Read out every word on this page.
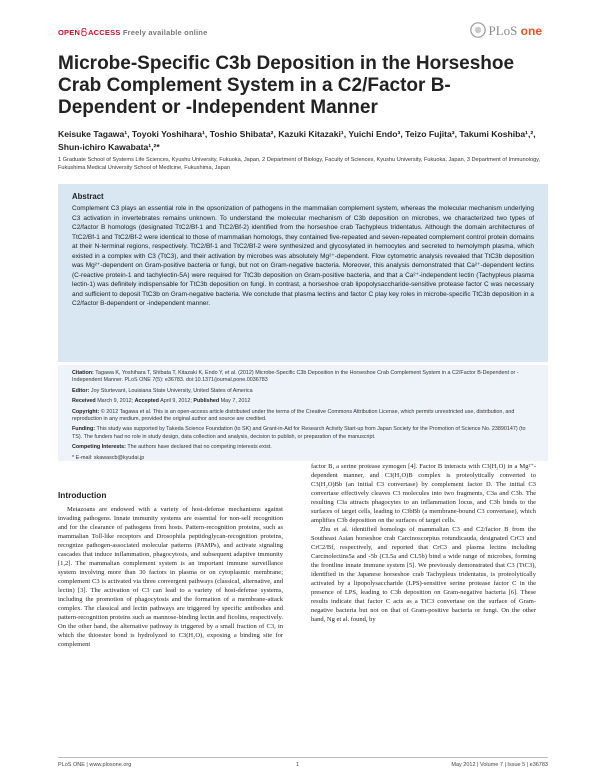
OPEN ACCESS Freely available online	PLoS one
Microbe-Specific C3b Deposition in the Horseshoe Crab Complement System in a C2/Factor B-Dependent or -Independent Manner
Keisuke Tagawa¹, Toyoki Yoshihara¹, Toshio Shibata², Kazuki Kitazaki¹, Yuichi Endo³, Teizo Fujita³, Takumi Koshiba¹,², Shun-ichiro Kawabata¹,²*
1 Graduate School of Systems Life Sciences, Kyushu University, Fukuoka, Japan, 2 Department of Biology, Faculty of Sciences, Kyushu University, Fukuoka, Japan, 3 Department of Immunology, Fukushima Medical University School of Medicine, Fukushima, Japan
Abstract
Complement C3 plays an essential role in the opsonization of pathogens in the mammalian complement system, whereas the molecular mechanism underlying C3 activation in invertebrates remains unknown. To understand the molecular mechanism of C3b deposition on microbes, we characterized two types of C2/factor B homologs (designated TtC2/Bf-1 and TtC2/Bf-2) identified from the horseshoe crab Tachypleus tridentatus. Although the domain architectures of TtC2/Bf-1 and TtC2/Bf-2 were identical to those of mammalian homologs, they contained five-repeated and seven-repeated complement control protein domains at their N-terminal regions, respectively. TtC2/Bf-1 and TtC2/Bf-2 were synthesized and glycosylated in hemocytes and secreted to hemolymph plasma, which existed in a complex with C3 (TtC3), and their activation by microbes was absolutely Mg²⁺-dependent. Flow cytometric analysis revealed that TtC3b deposition was Mg²⁺-dependent on Gram-positive bacteria or fungi, but not on Gram-negative bacteria. Moreover, this analysis demonstrated that Ca²⁺-dependent lectins (C-reactive protein-1 and tachylectin-5A) were required for TtC3b deposition on Gram-positive bacteria, and that a Ca²⁺-independent lectin (Tachypleus plasma lectin-1) was definitely indispensable for TtC3b deposition on fungi. In contrast, a horseshoe crab lipopolysaccharide-sensitive protease factor C was necessary and sufficient to deposit TtC3b on Gram-negative bacteria. We conclude that plasma lectins and factor C play key roles in microbe-specific TtC3b deposition in a C2/factor B-dependent or -independent manner.

Citation: Tagawa K, Yoshihara T, Shibata T, Kitazaki K, Endo Y, et al. (2012) Microbe-Specific C3b Deposition in the Horseshoe Crab Complement System in a C2/Factor B-Dependent or -Independent Manner. PLoS ONE 7(5): e36783. doi:10.1371/journal.pone.0036783

Editor: Joy Sturtevant, Louisiana State University, United States of America

Received March 9, 2012; Accepted April 9, 2012; Published May 7, 2012

Copyright: © 2012 Tagawa et al. This is an open-access article distributed under the terms of the Creative Commons Attribution License, which permits unrestricted use, distribution, and reproduction in any medium, provided the original author and source are credited.

Funding: This study was supported by Takeda Science Foundation (to SK) and Grant-in-Aid for Research Activity Start-up from Japan Society for the Promotion of Science No. 23890147) (to TS). The funders had no role in study design, data collection and analysis, decision to publish, or preparation of the manuscript.

Competing Interests: The authors have declared that no competing interests exist.

* E-mail: skawascb@kyudai.jp

Introduction

Metazoans are endowed with a variety of host-defense mechanisms against invading pathogens. Innate immunity systems are essential for non-self recognition and for the clearance of pathogens from hosts. Pattern-recognition proteins, such as mammalian Toll-like receptors and Drosophila peptidoglycan-recognition proteins, recognize pathogen-associated molecular patterns (PAMPs), and activate signaling cascades that induce inflammation, phagocytosis, and subsequent adaptive immunity [1,2]. The mammalian complement system is an important immune surveillance system involving more than 30 factors in plasma or on cytoplasmic membrane; complement C3 is activated via three convergent pathways (classical, alternative, and lectin) [3]. The activation of C3 can lead to a variety of host-defense systems, including the promotion of phagocytosis and the formation of a membrane-attack complex. The classical and lectin pathways are triggered by specific antibodies and pattern-recognition proteins such as mannose-binding lectin and ficolins, respectively. On the other hand, the alternative pathway is triggered by a small fraction of C3, in which the thioester bond is hydrolyzed to C3(H₂O), exposing a binding site for complement

factor B, a serine protease zymogen [4]. Factor B interacts with C3(H₂O) in a Mg²⁺-dependent manner, and C3(H₂O)B complex is proteolytically converted to C3(H₂O)Bb (an initial C3 convertase) by complement factor D. The initial C3 convertase effectively cleaves C3 molecules into two fragments, C3a and C3b. The resulting C3a attracts phagocytes to an inflammation locus, and C3b binds to the surfaces of target cells, leading to C3bBb (a membrane-bound C3 convertase), which amplifies C3b deposition on the surfaces of target cells.

Zhu et al. identified homologs of mammalian C3 and C2/factor B from the Southeast Asian horseshoe crab Carcinoscorpius rotundicauda, designated CrC3 and CrC2/Bf, respectively, and reported that CrC3 and plasma lectins including Carcinolectins5a and -5b (CL5a and CL5b) bind a wide range of microbes, forming the frontline innate immune system [5]. We previously demonstrated that C3 (TtC3), identified in the Japanese horseshoe crab Tachypleus tridentatus, is proteolytically activated by a lipopolysaccharide (LPS)-sensitive serine protease factor C in the presence of LPS, leading to C3b deposition on Gram-negative bacteria [6]. These results indicate that factor C acts as a TtC3 convertase on the surface of Gram-negative bacteria but not on that of Gram-positive bacteria or fungi. On the other hand, Ng et al. found, by

PLoS ONE | www.plosone.org	1	May 2012 | Volume 7 | Issue 5 | e36783
